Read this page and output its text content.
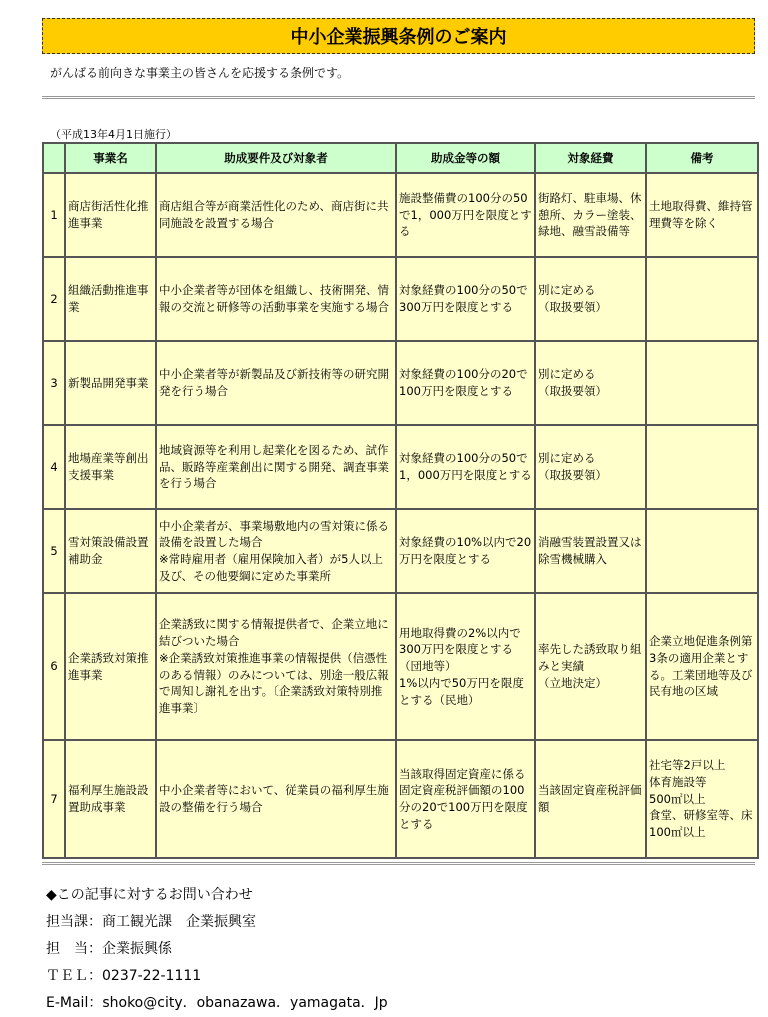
中小企業振興条例のご案内
がんばる前向きな事業主の皆さんを応援する条例です。
（平成13年4月1日施行）
	事業名	助成要件及び対象者	助成金等の額	対象経費	備考
1	商店街活性化推進事業	商店組合等が商業活性化のため、商店街に共同施設を設置する場合	施設整備費の100分の50で1，000万円を限度とする	街路灯、駐車場、休憩所、カラー塗装、緑地、融雪設備等	土地取得費、維持管理費等を除く
2	組織活動推進事業	中小企業者等が団体を組織し、技術開発、情報の交流と研修等の活動事業を実施する場合	対象経費の100分の50で300万円を限度とする	別に定める
（取扱要領）	
3	新製品開発事業	中小企業者等が新製品及び新技術等の研究開発を行う場合	対象経費の100分の20で100万円を限度とする	別に定める
（取扱要領）	
4	地場産業等創出支援事業	地域資源等を利用し起業化を図るため、試作品、販路等産業創出に関する開発、調査事業を行う場合	対象経費の100分の50で1，000万円を限度とする	別に定める
（取扱要領）	
5	雪対策設備設置補助金	中小企業者が、事業場敷地内の雪対策に係る設備を設置した場合
※常時雇用者（雇用保険加入者）が5人以上及び、その他要綱に定めた事業所	対象経費の10%以内で20万円を限度とする	消融雪装置設置又は除雪機械購入	
6	企業誘致対策推進事業	企業誘致に関する情報提供者で、企業立地に結びついた場合
※企業誘致対策推進事業の情報提供（信憑性のある情報）のみについては、別途一般広報で周知し謝礼を出す。〔企業誘致対策特別推進事業〕	用地取得費の2%以内で300万円を限度とする（団地等）
1%以内で50万円を限度とする（民地）	率先した誘致取り組みと実績
（立地決定）	企業立地促進条例第3条の適用企業とする。工業団地等及び民有地の区域
7	福利厚生施設設置助成事業	中小企業者等において、従業員の福利厚生施設の整備を行う場合	当該取得固定資産に係る固定資産税評価額の100分の20で100万円を限度とする	当該固定資産税評価額	社宅等2戸以上
体育施設等
500㎡以上
食堂、研修室等、床100㎡以上
◆この記事に対するお問い合わせ
担当課：商工観光課　企業振興室
担　当：企業振興係
ＴＥＬ：0237-22-1111
E-Mail：shoko@city．obanazawa．yamagata．Jp
